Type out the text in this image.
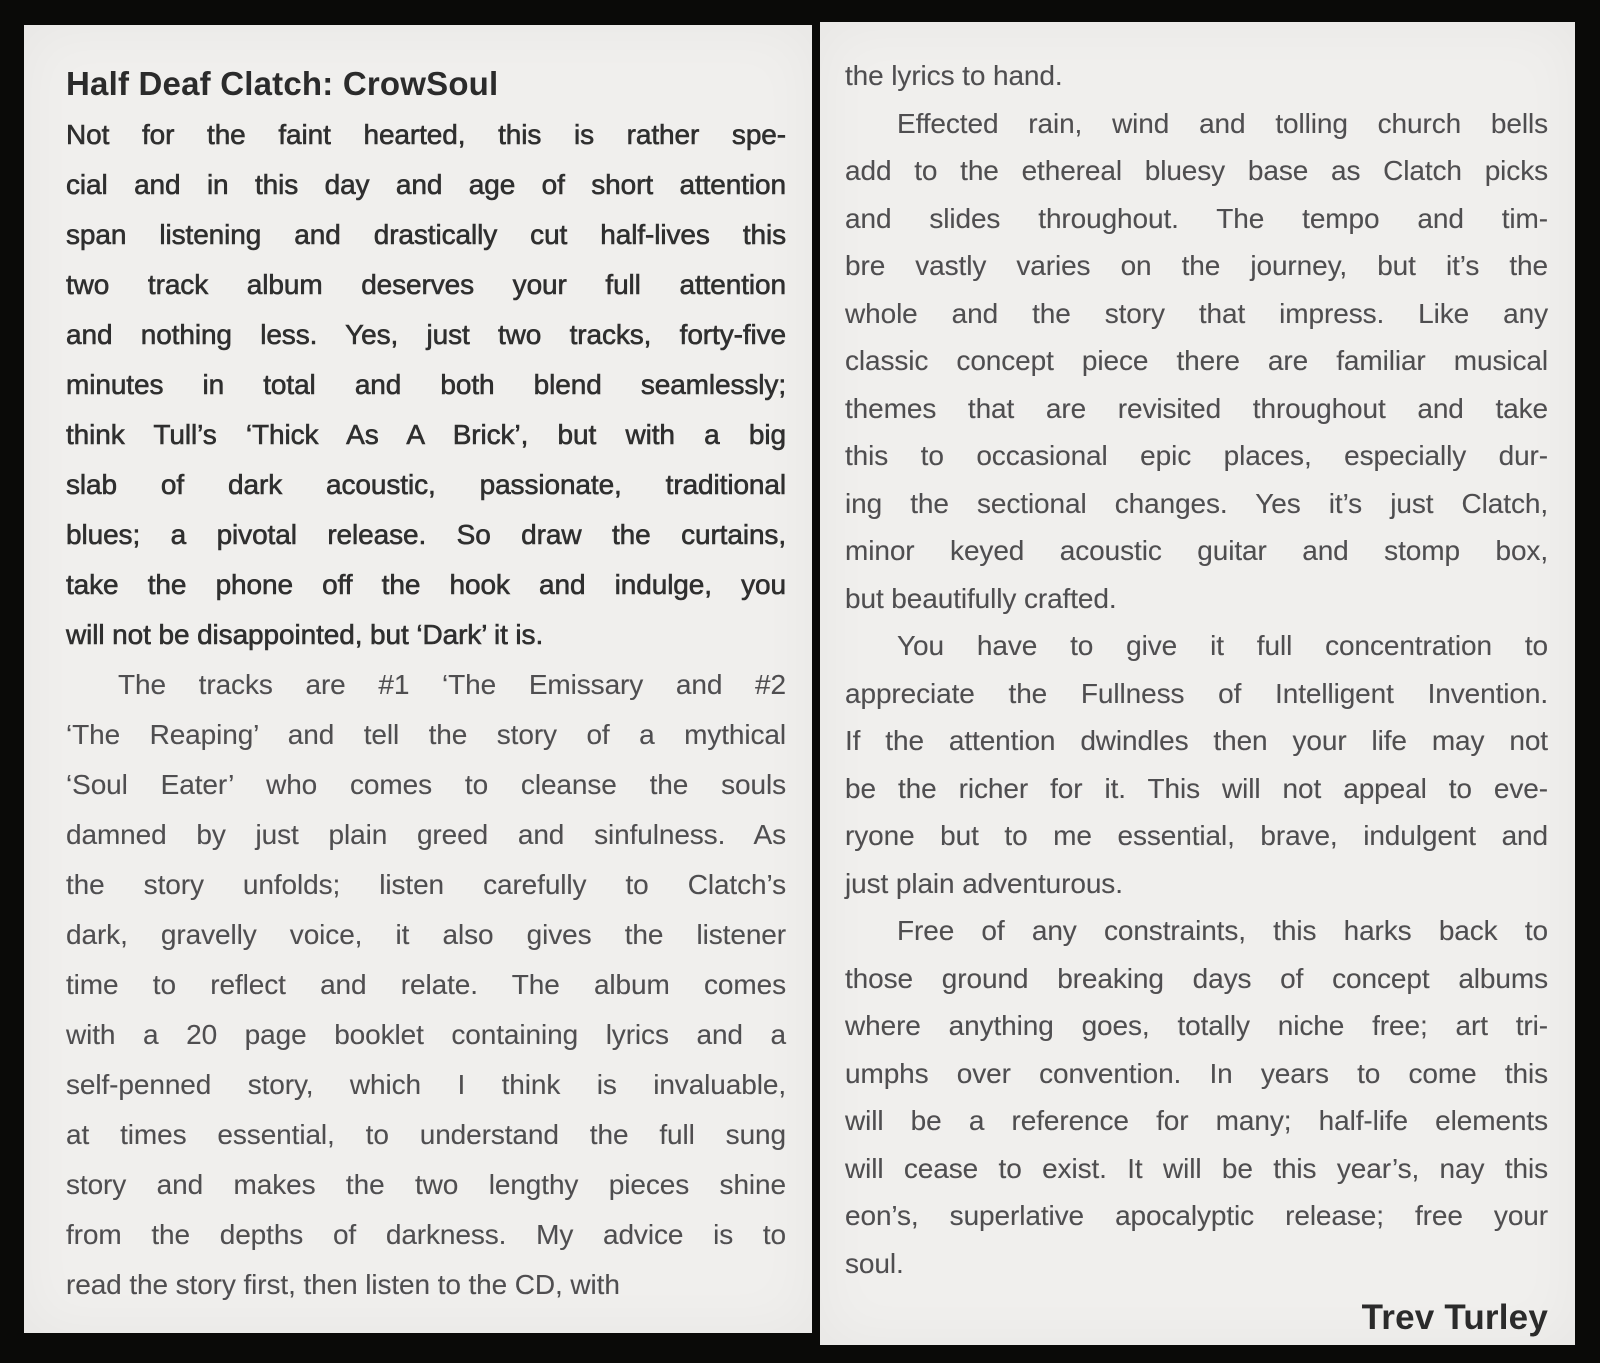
Half Deaf Clatch: CrowSoul
Not for the faint hearted, this is rather spe-
cial and in this day and age of short attention
span listening and drastically cut half-lives this
two track album deserves your full attention
and nothing less. Yes, just two tracks, forty-five
minutes in total and both blend seamlessly;
think Tull’s ‘Thick As A Brick’, but with a big
slab of dark acoustic, passionate, traditional
blues; a pivotal release. So draw the curtains,
take the phone off the hook and indulge, you
will not be disappointed, but ‘Dark’ it is.
The tracks are #1 ‘The Emissary and #2
‘The Reaping’ and tell the story of a mythical
‘Soul Eater’ who comes to cleanse the souls
damned by just plain greed and sinfulness. As
the story unfolds; listen carefully to Clatch’s
dark, gravelly voice, it also gives the listener
time to reflect and relate. The album comes
with a 20 page booklet containing lyrics and a
self-penned story, which I think is invaluable,
at times essential, to understand the full sung
story and makes the two lengthy pieces shine
from the depths of darkness. My advice is to
read the story first, then listen to the CD, with
the lyrics to hand.
Effected rain, wind and tolling church bells
add to the ethereal bluesy base as Clatch picks
and slides throughout. The tempo and tim-
bre vastly varies on the journey, but it’s the
whole and the story that impress. Like any
classic concept piece there are familiar musical
themes that are revisited throughout and take
this to occasional epic places, especially dur-
ing the sectional changes. Yes it’s just Clatch,
minor keyed acoustic guitar and stomp box,
but beautifully crafted.
You have to give it full concentration to
appreciate the Fullness of Intelligent Invention.
If the attention dwindles then your life may not
be the richer for it. This will not appeal to eve-
ryone but to me essential, brave, indulgent and
just plain adventurous.
Free of any constraints, this harks back to
those ground breaking days of concept albums
where anything goes, totally niche free; art tri-
umphs over convention. In years to come this
will be a reference for many; half-life elements
will cease to exist. It will be this year’s, nay this
eon’s, superlative apocalyptic release; free your
soul.
Trev Turley
